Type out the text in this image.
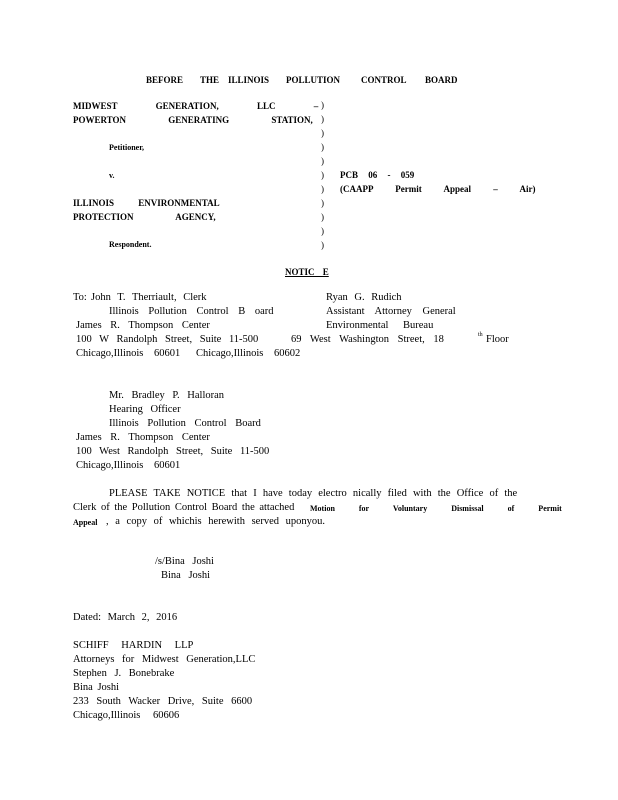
BEFORE THE ILLINOIS POLLUTION CONTROL BOARD
MIDWEST GENERATION, LLC –
POWERTON GENERATING STATION,
Petitioner,
v.
ILLINOIS ENVIRONMENTAL
PROTECTION AGENCY,
Respondent.
)
)
)
)
)
)
)
)
)
)
)
PCB 06 - 059
(CAAPP Permit Appeal – Air)
NOTIC E
To: John T. Therriault, Clerk
Illinois Pollution Control B oard
James R. Thompson Center
100 W Randolph Street, Suite 11-500
Chicago,Illinois 60601
Ryan G. Rudich
Assistant Attorney General
Environmental Bureau
69 West Washington Street, 18	th Floor
Chicago,Illinois 60602
Mr. Bradley P. Halloran
Hearing Officer
Illinois Pollution Control Board
James R. Thompson Center
100 West Randolph Street, Suite 11-500
Chicago,Illinois 60601
PLEASE TAKE NOTICE that I have today electro nically filed with the Office of the
Clerk of the Pollution Control Board the attached Motion for Voluntary Dismissal of Permit
Appeal , a copy of whichis herewith served uponyou.
/s/Bina Joshi
Bina Joshi
Dated: March 2, 2016
SCHIFF HARDIN LLP
Attorneys for Midwest Generation,LLC
Stephen J. Bonebrake
Bina Joshi
233 South Wacker Drive, Suite 6600
Chicago,Illinois 60606
